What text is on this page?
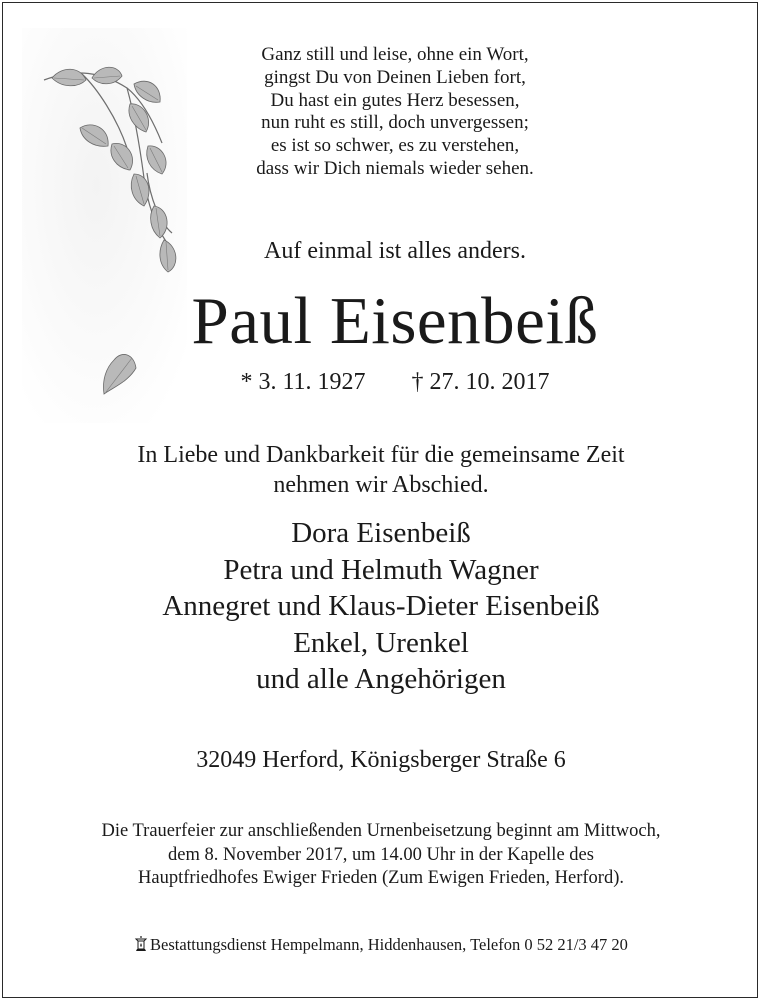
Ganz still und leise, ohne ein Wort,
gingst Du von Deinen Lieben fort,
Du hast ein gutes Herz besessen,
nun ruht es still, doch unvergessen;
es ist so schwer, es zu verstehen,
dass wir Dich niemals wieder sehen.
Auf einmal ist alles anders.
Paul Eisenbeiß
* 3. 11. 1927 † 27. 10. 2017
In Liebe und Dankbarkeit für die gemeinsame Zeit
nehmen wir Abschied.
Dora Eisenbeiß
Petra und Helmuth Wagner
Annegret und Klaus-Dieter Eisenbeiß
Enkel, Urenkel
und alle Angehörigen
32049 Herford, Königsberger Straße 6
Die Trauerfeier zur anschließenden Urnenbeisetzung beginnt am Mittwoch,
dem 8. November 2017, um 14.00 Uhr in der Kapelle des
Hauptfriedhofes Ewiger Frieden (Zum Ewigen Frieden, Herford).
Bestattungsdienst Hempelmann, Hiddenhausen, Telefon 0 52 21/3 47 20
